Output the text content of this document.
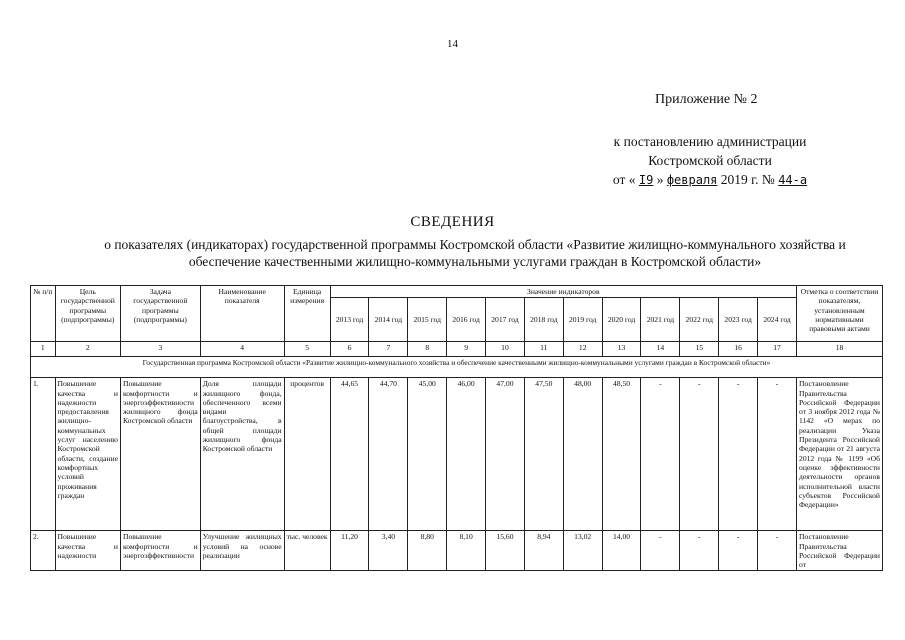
14
Приложение № 2
к постановлению администрации
Костромской области
от « I9 » февраля 2019 г. № 44-а
СВЕДЕНИЯ
о показателях (индикаторах) государственной программы Костромской области «Развитие жилищно-коммунального хозяйства и обеспечение качественными жилищно-коммунальными услугами граждан в Костромской области»
№ п/п	Цель государственной программы (подпрограммы)	Задача государственной программы (подпрограммы)	Наименование показателя	Единица измерения	Значение индикаторов												Отметка о соответствии показателям, установленным нормативными правовыми актами
					2013 год	2014 год	2015 год	2016 год	2017 год	2018 год	2019 год	2020 год	2021 год	2022 год	2023 год	2024 год	
1	2	3	4	5	6	7	8	9	10	11	12	13	14	15	16	17	18
Государственная программа Костромской области «Развитие жилищно-коммунального хозяйства и обеспечение качественными жилищно-коммунальными услугами граждан в Костромской области»																	
1.	Повышение качества и надежности предоставления жилищно-коммунальных услуг населению Костромской области, создание комфортных условий проживания граждан	Повышение комфортности и энергоэффективности жилищного фонда Костромской области	Доля площади жилищного фонда, обеспеченного всеми видами благоустройства, в общей площади жилищного фонда Костромской области	процентов	44,65	44,70	45,00	46,00	47,00	47,50	48,00	48,50	-	-	-	-	Постановление Правительства Российской Федерации от 3 ноября 2012 года № 1142 «О мерах по реализации Указа Президента Российской Федерации от 21 августа 2012 года № 1199 «Об оценке эффективности деятельности органов исполнительной власти субъектов Российской Федерации»
2.	Повышение качества и надежности	Повышение комфортности и энергоэффективности	Улучшение жилищных условий на основе реализации	тыс. человек	11,20	3,40	8,80	8,10	15,60	8,94	13,02	14,00	-	-	-	-	Постановление Правительства Российской Федерации от
